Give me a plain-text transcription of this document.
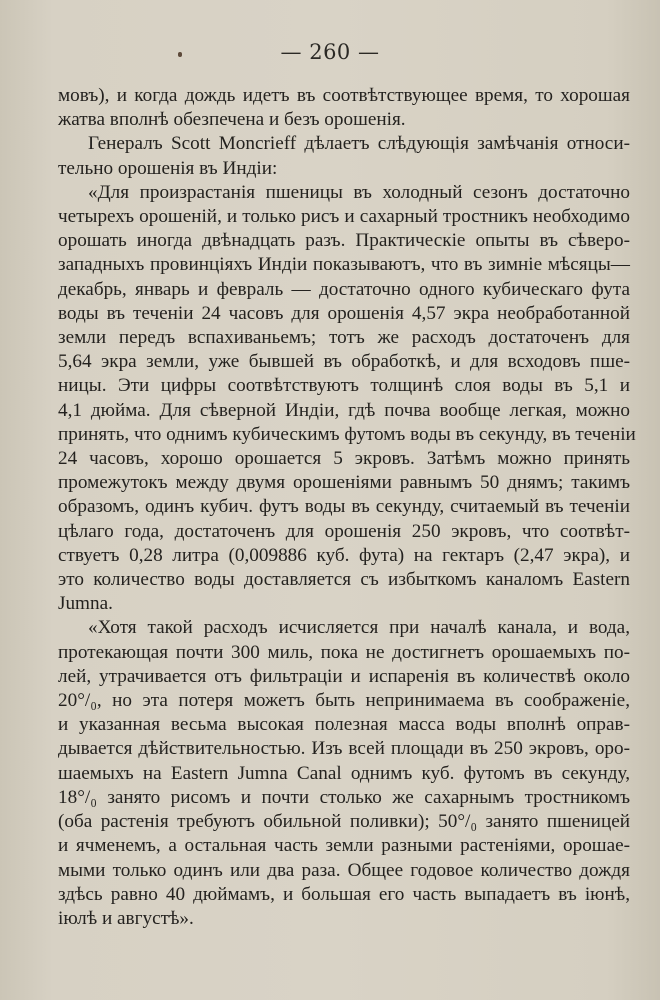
— 260 —
мовъ), и когда дождь идетъ въ соотвѣтствующее время, то хорошая
жатва вполнѣ обезпечена и безъ орошенія.
Генералъ Scott Moncrieff дѣлаетъ слѣдующія замѣчанія относи-
тельно орошенія въ Индіи:
«Для произрастанія пшеницы въ холодный сезонъ достаточно
четырехъ орошеній, и только рисъ и сахарный тростникъ необходимо
орошать иногда двѣнадцать разъ. Практическіе опыты въ сѣверо-
западныхъ провинціяхъ Индіи показываютъ, что въ зимніе мѣсяцы—
декабрь, январь и февраль — достаточно одного кубическаго фута
воды въ теченіи 24 часовъ для орошенія 4,57 экра необработанной
земли передъ вспахиваньемъ; тотъ же расходъ достаточенъ для
5,64 экра земли, уже бывшей въ обработкѣ, и для всходовъ пше-
ницы. Эти цифры соотвѣтствуютъ толщинѣ слоя воды въ 5,1 и
4,1 дюйма. Для сѣверной Индіи, гдѣ почва вообще легкая, можно
принять, что однимъ кубическимъ футомъ воды въ секунду, въ теченіи
24 часовъ, хорошо орошается 5 экровъ. Затѣмъ можно принять
промежутокъ между двумя орошеніями равнымъ 50 днямъ; такимъ
образомъ, одинъ кубич. футъ воды въ секунду, считаемый въ теченіи
цѣлаго года, достаточенъ для орошенія 250 экровъ, что соотвѣт-
ствуетъ 0,28 литра (0,009886 куб. фута) на гектаръ (2,47 экра), и
это количество воды доставляется съ избыткомъ каналомъ Eastern
Jumna.
«Хотя такой расходъ исчисляется при началѣ канала, и вода,
протекающая почти 300 миль, пока не достигнетъ орошаемыхъ по-
лей, утрачивается отъ фильтраціи и испаренія въ количествѣ около
20°/₀, но эта потеря можетъ быть непринимаема въ соображеніе,
и указанная весьма высокая полезная масса воды вполнѣ оправ-
дывается дѣйствительностью. Изъ всей площади въ 250 экровъ, оро-
шаемыхъ на Eastern Jumna Canal однимъ куб. футомъ въ секунду,
18°/₀ занято рисомъ и почти столько же сахарнымъ тростникомъ
(оба растенія требуютъ обильной поливки); 50°/₀ занято пшеницей
и ячменемъ, а остальная часть земли разными растеніями, орошае-
мыми только одинъ или два раза. Общее годовое количество дождя
здѣсь равно 40 дюймамъ, и большая его часть выпадаетъ въ іюнѣ,
іюлѣ и августѣ».
